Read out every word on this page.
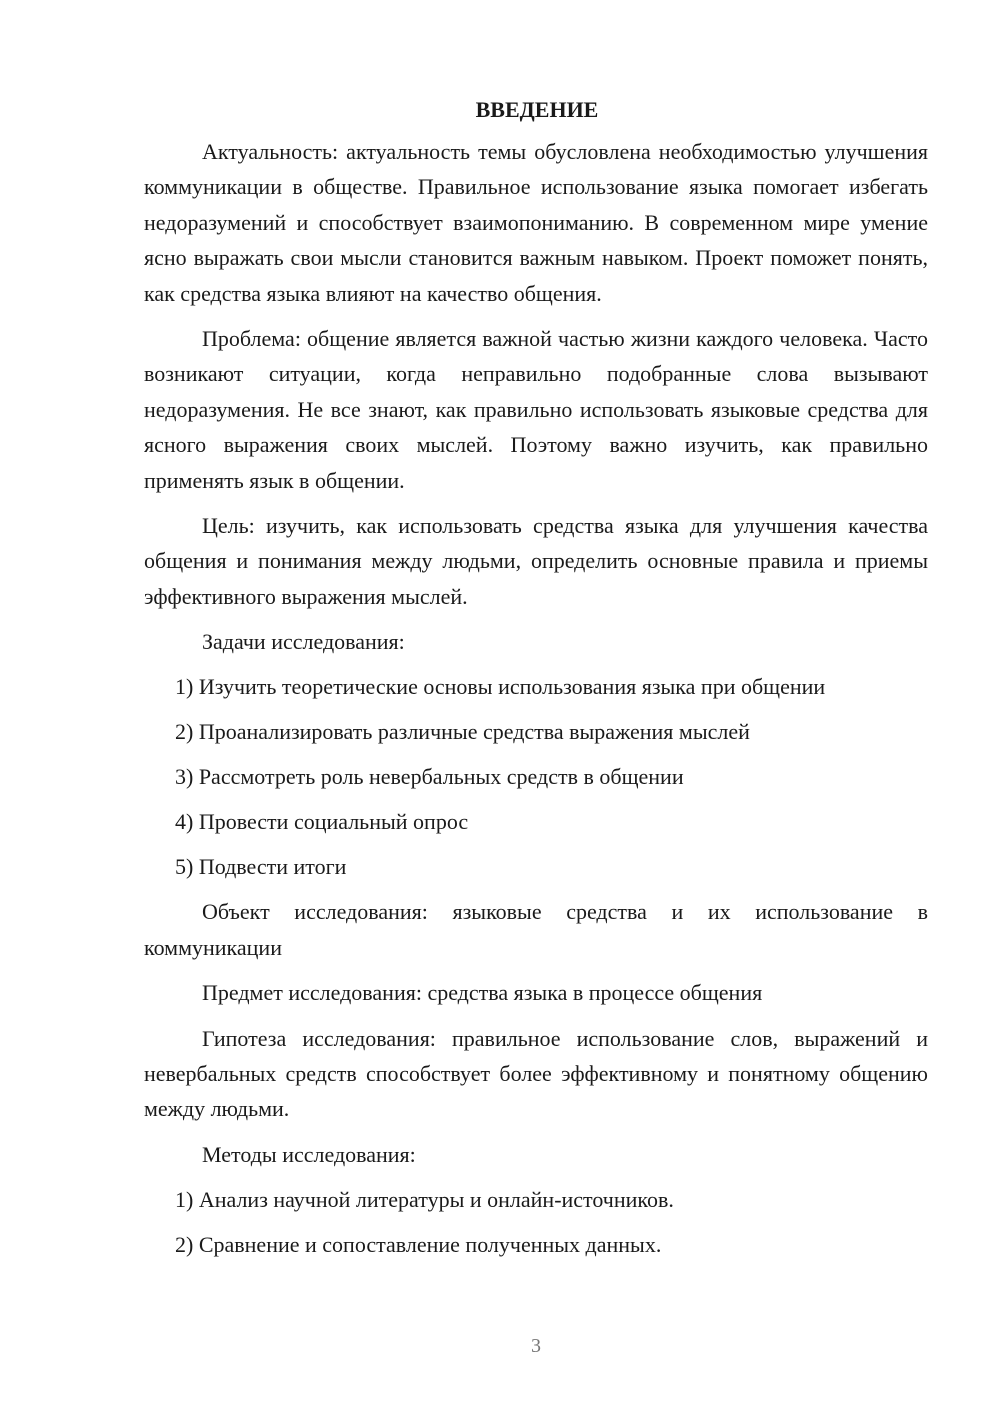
ВВЕДЕНИЕ

Актуальность: актуальность темы обусловлена необходимостью улучшения коммуникации в обществе. Правильное использование языка помогает избегать недоразумений и способствует взаимопониманию. В современном мире умение ясно выражать свои мысли становится важным навыком. Проект поможет понять, как средства языка влияют на качество общения.

Проблема: общение является важной частью жизни каждого человека. Часто возникают ситуации, когда неправильно подобранные слова вызывают недоразумения. Не все знают, как правильно использовать языковые средства для ясного выражения своих мыслей. Поэтому важно изучить, как правильно применять язык в общении.

Цель: изучить, как использовать средства языка для улучшения качества общения и понимания между людьми, определить основные правила и приемы эффективного выражения мыслей.

Задачи исследования:
1) Изучить теоретические основы использования языка при общении
2) Проанализировать различные средства выражения мыслей
3) Рассмотреть роль невербальных средств в общении
4) Провести социальный опрос
5) Подвести итоги

Объект исследования: языковые средства и их использование в коммуникации

Предмет исследования: средства языка в процессе общения

Гипотеза исследования: правильное использование слов, выражений и невербальных средств способствует более эффективному и понятному общению между людьми.

Методы исследования:
1) Анализ научной литературы и онлайн-источников.
2) Сравнение и сопоставление полученных данных.
3
